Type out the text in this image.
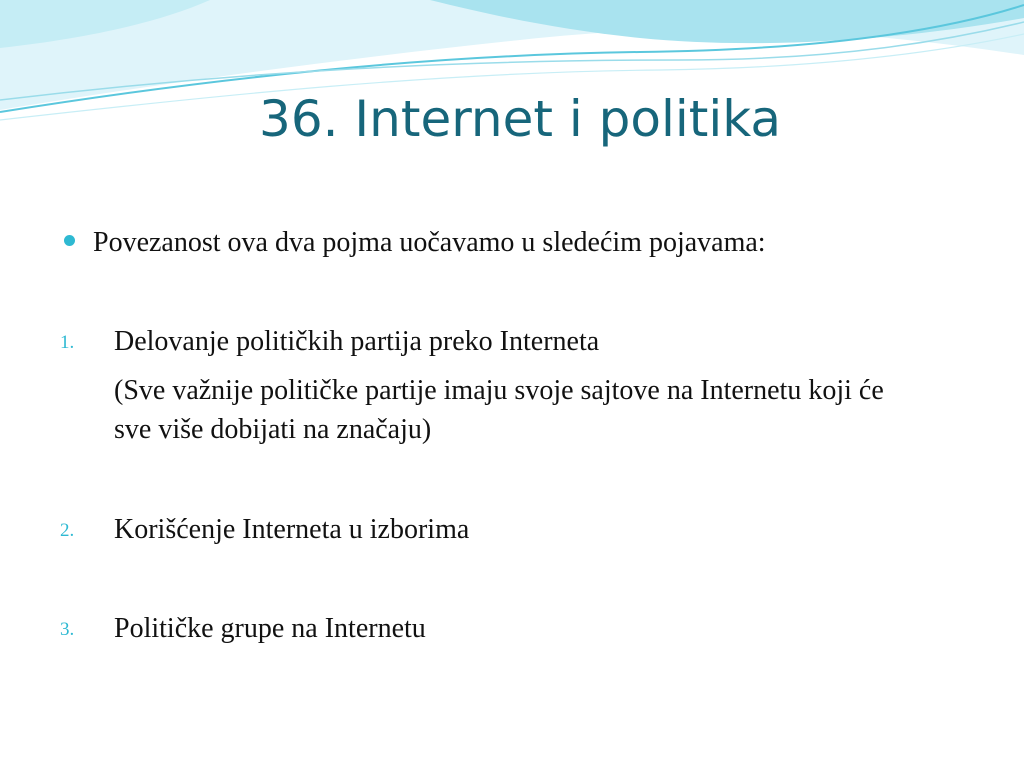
36. Internet i politika
Povezanost ova dva pojma uočavamo u sledećim pojavama:
1. Delovanje političkih partija preko Interneta
(Sve važnije političke partije imaju svoje sajtove na Internetu koji će sve više dobijati na značaju)
2. Korišćenje Interneta u izborima
3. Političke grupe na Internetu
